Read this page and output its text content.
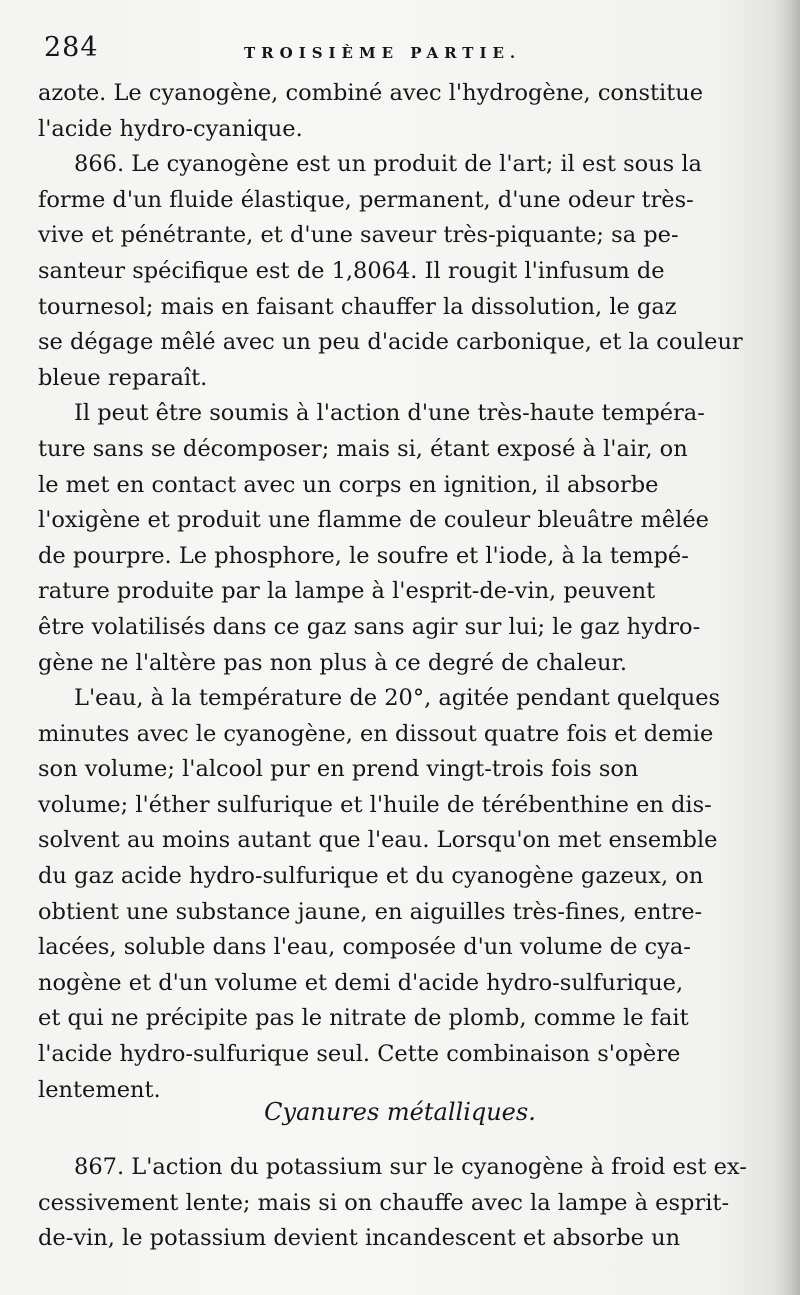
284	TROISIÈME PARTIE.
azote. Le cyanogène, combiné avec l'hydrogène, constitue
l'acide hydro-cyanique.
866. Le cyanogène est un produit de l'art; il est sous la
forme d'un fluide élastique, permanent, d'une odeur très-
vive et pénétrante, et d'une saveur très-piquante; sa pe-
santeur spécifique est de 1,8064. Il rougit l'infusum de
tournesol; mais en faisant chauffer la dissolution, le gaz
se dégage mêlé avec un peu d'acide carbonique, et la couleur
bleue reparaît.
Il peut être soumis à l'action d'une très-haute tempéra-
ture sans se décomposer; mais si, étant exposé à l'air, on
le met en contact avec un corps en ignition, il absorbe
l'oxigène et produit une flamme de couleur bleuâtre mêlée
de pourpre. Le phosphore, le soufre et l'iode, à la tempé-
rature produite par la lampe à l'esprit-de-vin, peuvent
être volatilisés dans ce gaz sans agir sur lui; le gaz hydro-
gène ne l'altère pas non plus à ce degré de chaleur.
L'eau, à la température de 20°, agitée pendant quelques
minutes avec le cyanogène, en dissout quatre fois et demie
son volume; l'alcool pur en prend vingt-trois fois son
volume; l'éther sulfurique et l'huile de térébenthine en dis-
solvent au moins autant que l'eau. Lorsqu'on met ensemble
du gaz acide hydro-sulfurique et du cyanogène gazeux, on
obtient une substance jaune, en aiguilles très-fines, entre-
lacées, soluble dans l'eau, composée d'un volume de cya-
nogène et d'un volume et demi d'acide hydro-sulfurique,
et qui ne précipite pas le nitrate de plomb, comme le fait
l'acide hydro-sulfurique seul. Cette combinaison s'opère
lentement.
Cyanures métalliques.
867. L'action du potassium sur le cyanogène à froid est ex-
cessivement lente; mais si on chauffe avec la lampe à esprit-
de-vin, le potassium devient incandescent et absorbe un
